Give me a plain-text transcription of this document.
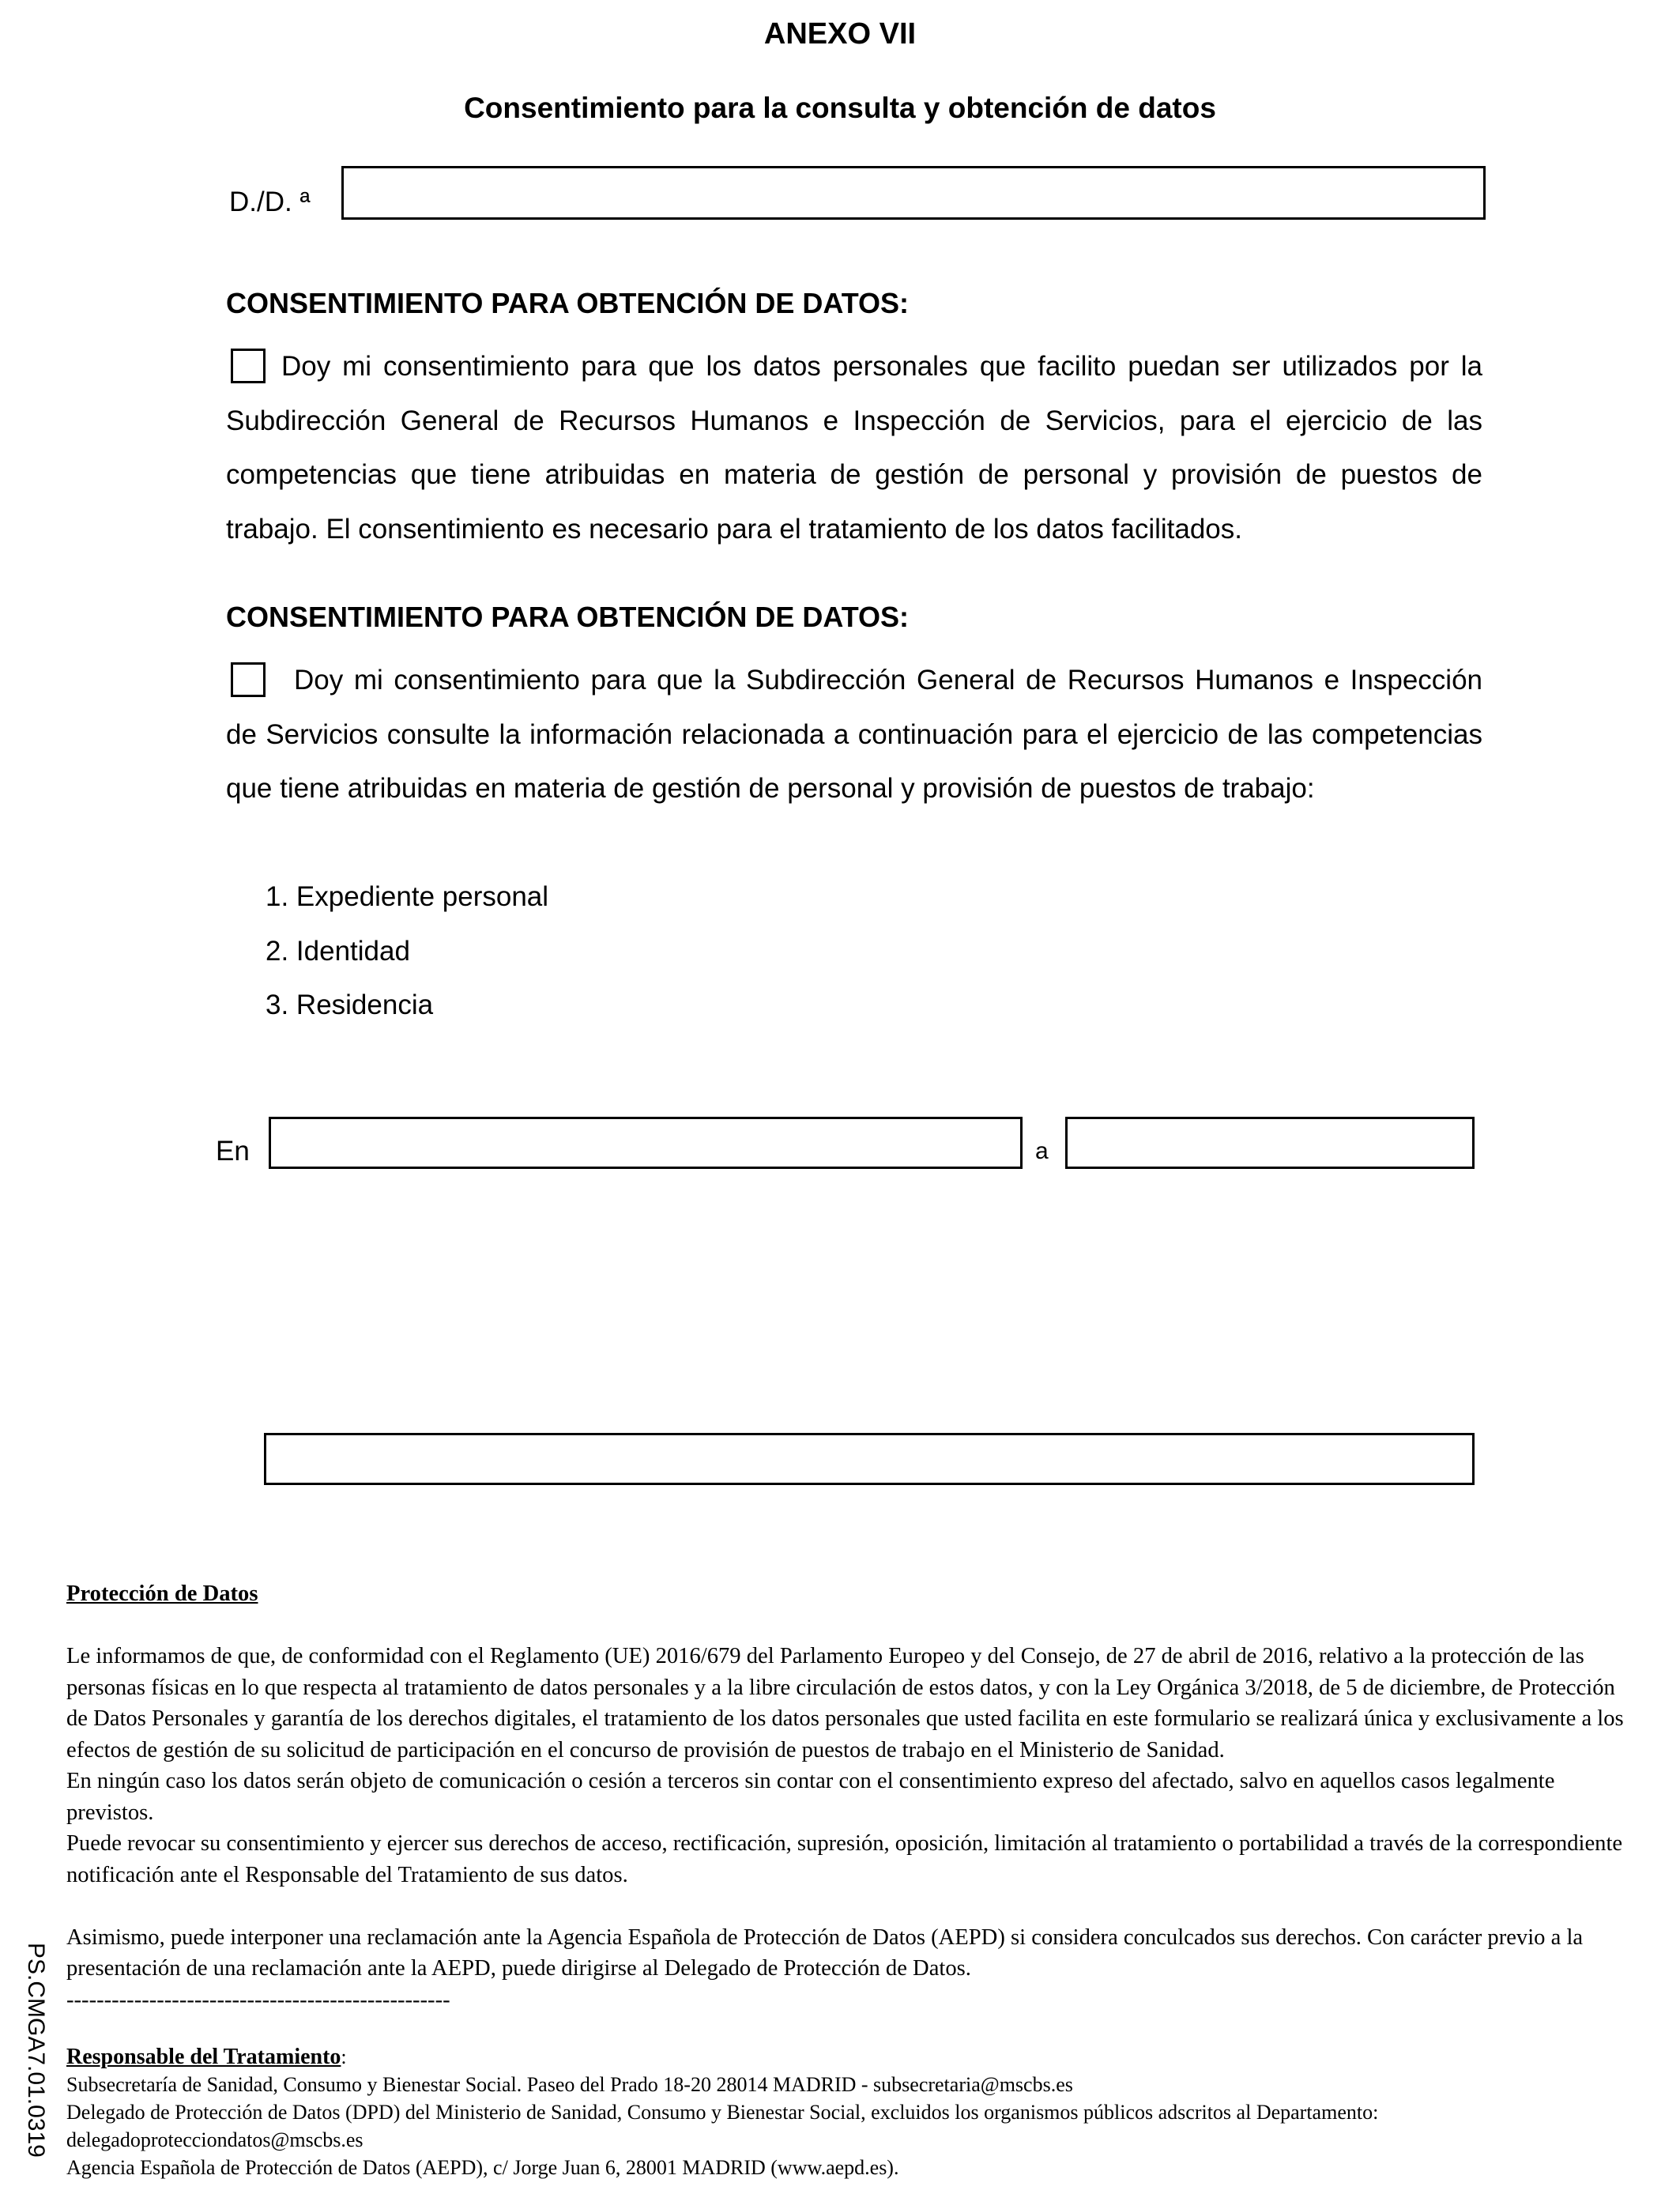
ANEXO VII
Consentimiento para la consulta y obtención de datos
D./D. ª
CONSENTIMIENTO PARA OBTENCIÓN DE DATOS:
Doy mi consentimiento para que los datos personales que facilito puedan ser utilizados por la Subdirección General de Recursos Humanos e Inspección de Servicios, para el ejercicio de las competencias que tiene atribuidas en materia de gestión de personal y provisión de puestos de trabajo. El consentimiento es necesario para el tratamiento de los datos facilitados.
CONSENTIMIENTO PARA OBTENCIÓN DE DATOS:
Doy mi consentimiento para que la Subdirección General de Recursos Humanos e Inspección de Servicios consulte la información relacionada a continuación para el ejercicio de las competencias que tiene atribuidas en materia de gestión de personal y provisión de puestos de trabajo:
1. Expediente personal
2. Identidad
3. Residencia
En	a
Protección de Datos
Le informamos de que, de conformidad con el Reglamento (UE) 2016/679 del Parlamento Europeo y del Consejo, de 27 de abril de 2016, relativo a la protección de las personas físicas en lo que respecta al tratamiento de datos personales y a la libre circulación de estos datos, y con la Ley Orgánica 3/2018, de 5 de diciembre, de Protección de Datos Personales y garantía de los derechos digitales, el tratamiento de los datos personales que usted facilita en este formulario se realizará única y exclusivamente a los efectos de gestión de su solicitud de participación en el concurso de provisión de puestos de trabajo en el Ministerio de Sanidad.
En ningún caso los datos serán objeto de comunicación o cesión a terceros sin contar con el consentimiento expreso del afectado, salvo en aquellos casos legalmente previstos.
Puede revocar su consentimiento y ejercer sus derechos de acceso, rectificación, supresión, oposición, limitación al tratamiento o portabilidad a través de la correspondiente notificación ante el Responsable del Tratamiento de sus datos.
Asimismo, puede interponer una reclamación ante la Agencia Española de Protección de Datos (AEPD) si considera conculcados sus derechos. Con carácter previo a la presentación de una reclamación ante la AEPD, puede dirigirse al Delegado de Protección de Datos.
---------------------------------------------------
Responsable del Tratamiento:
Subsecretaría de Sanidad, Consumo y Bienestar Social. Paseo del Prado 18-20 28014 MADRID - subsecretaria@mscbs.es
Delegado de Protección de Datos (DPD) del Ministerio de Sanidad, Consumo y Bienestar Social, excluidos los organismos públicos adscritos al Departamento: delegadoprotecciondatos@mscbs.es
Agencia Española de Protección de Datos (AEPD), c/ Jorge Juan 6, 28001 MADRID (www.aepd.es).
PS.CMGA7.01.0319
